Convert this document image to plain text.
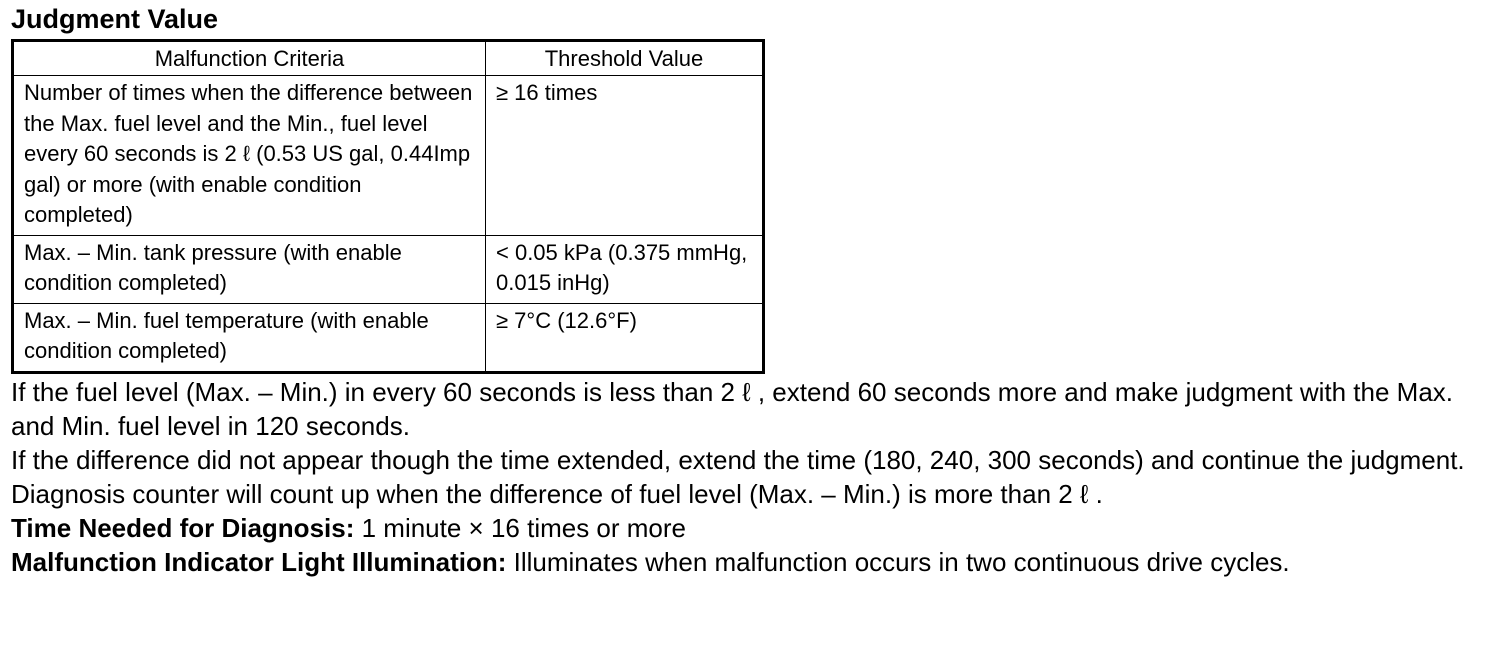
Judgment Value
Malfunction Criteria	Threshold Value
Number of times when the difference between the Max. fuel level and the Min., fuel level every 60 seconds is 2 ℓ (0.53 US gal, 0.44Imp gal) or more (with enable condition completed)	≥ 16 times
Max. – Min. tank pressure (with enable condition completed)	< 0.05 kPa (0.375 mmHg, 0.015 inHg)
Max. – Min. fuel temperature (with enable condition completed)	≥ 7°C (12.6°F)

If the fuel level (Max. – Min.) in every 60 seconds is less than 2 ℓ , extend 60 seconds more and make judgment with the Max. and Min. fuel level in 120 seconds.

If the difference did not appear though the time extended, extend the time (180, 240, 300 seconds) and continue the judgment.

Diagnosis counter will count up when the difference of fuel level (Max. – Min.) is more than 2 ℓ .

Time Needed for Diagnosis: 1 minute × 16 times or more

Malfunction Indicator Light Illumination: Illuminates when malfunction occurs in two continuous drive cycles.
